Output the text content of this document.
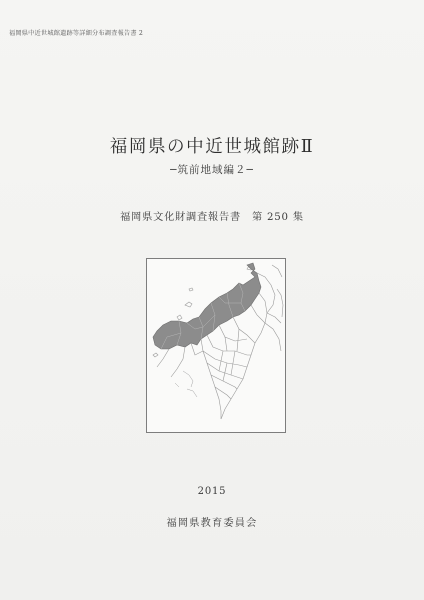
福岡県中近世城館遺跡等詳細分布調査報告書 2
福岡県の中近世城館跡Ⅱ
─筑前地域編２─
福岡県文化財調査報告書　第 250 集
2015
福岡県教育委員会
